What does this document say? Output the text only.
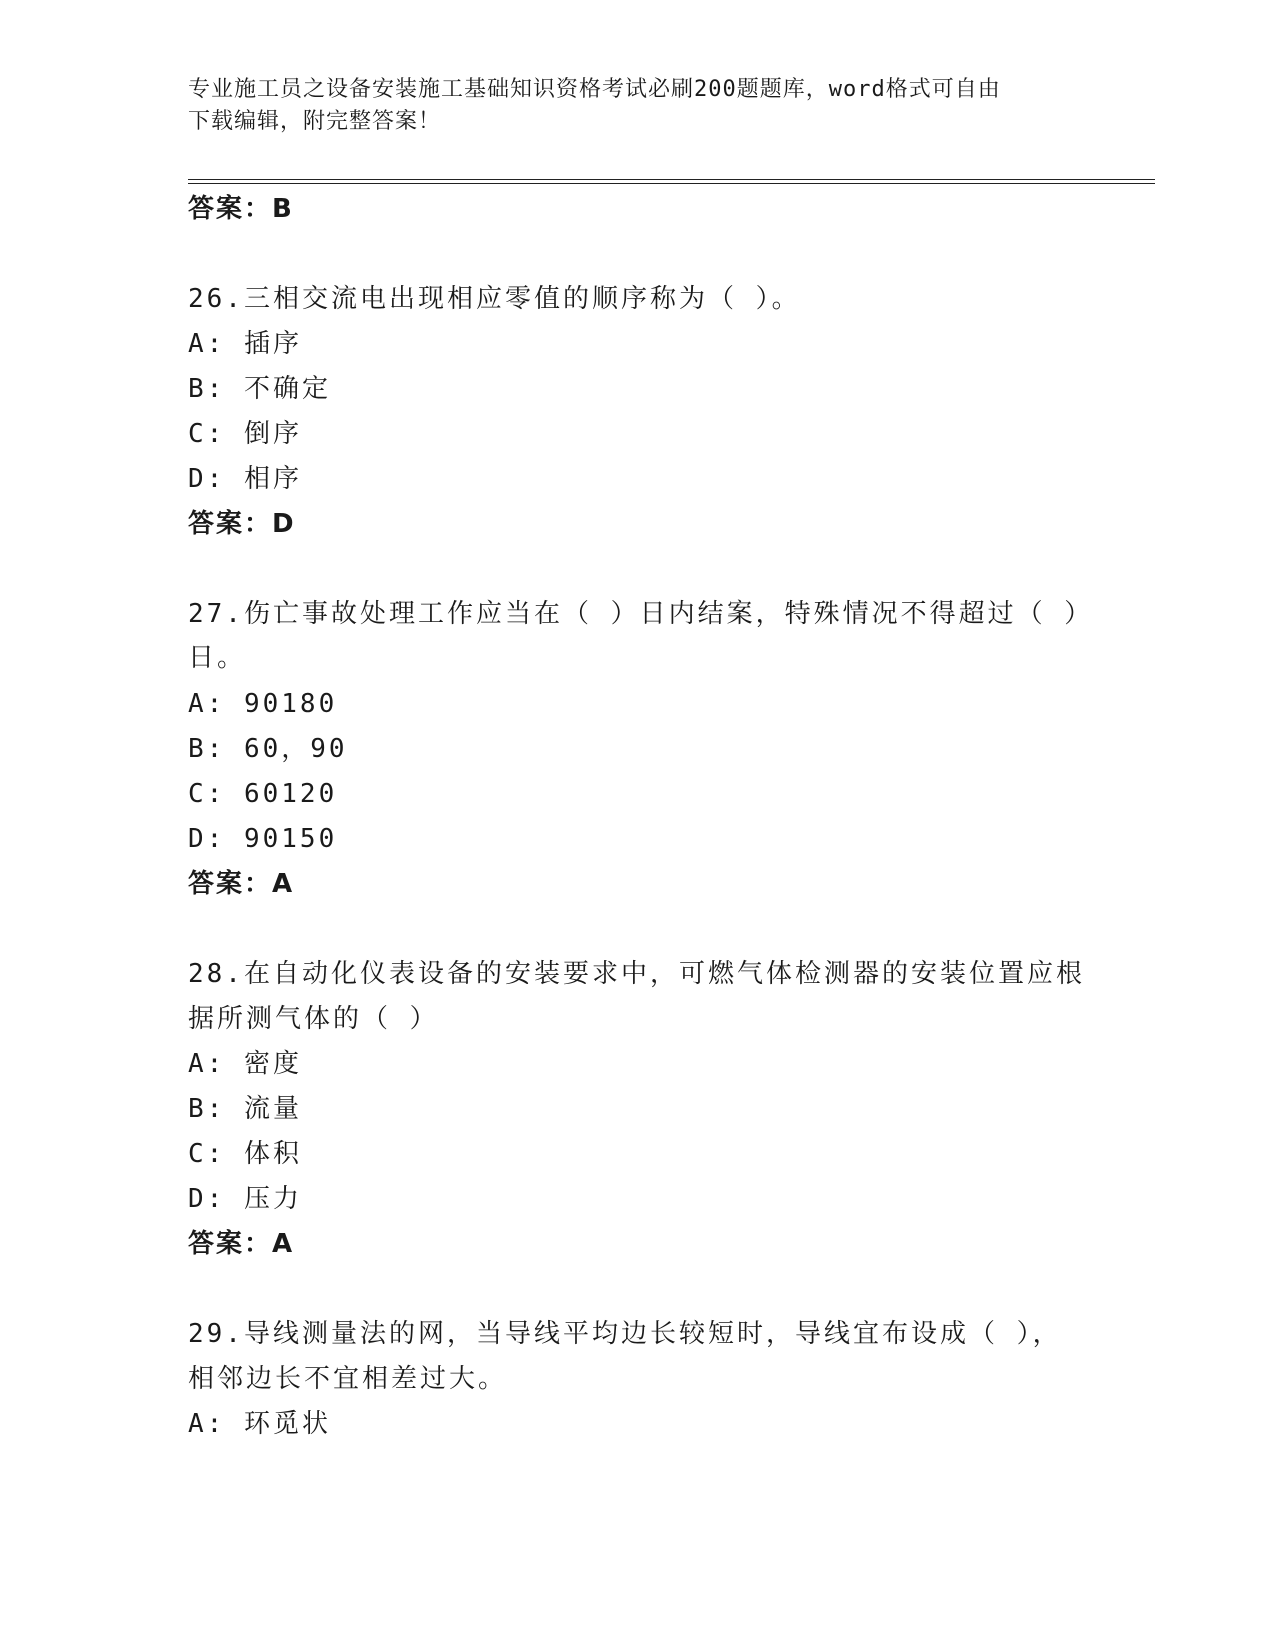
专业施工员之设备安装施工基础知识资格考试必刷200题题库，word格式可自由
下载编辑，附完整答案！
答案：B
26.三相交流电出现相应零值的顺序称为（ ）。
A: 插序
B: 不确定
C: 倒序
D: 相序
答案：D
27.伤亡事故处理工作应当在（ ）日内结案，特殊情况不得超过（ ）
日。
A: 90180
B: 60，90
C: 60120
D: 90150
答案：A
28.在自动化仪表设备的安装要求中，可燃气体检测器的安装位置应根
据所测气体的（ ）
A: 密度
B: 流量
C: 体积
D: 压力
答案：A
29.导线测量法的网，当导线平均边长较短时，导线宜布设成（ ），
相邻边长不宜相差过大。
A: 环觅状
